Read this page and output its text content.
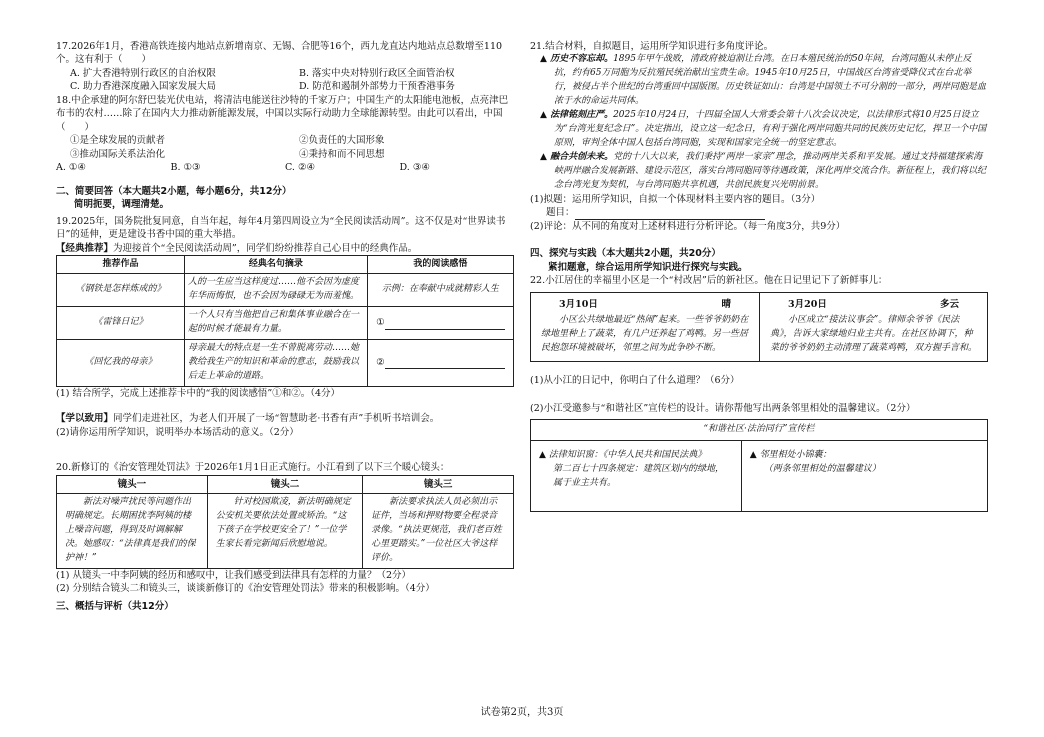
17.2026年1月，香港高铁连接内地站点新增南京、无锡、合肥等16个，西九龙直达内地站点总数增至110个。这有利于（　　）

A. 扩大香港特别行政区的自治权限	B. 落实中央对特别行政区全面管治权
C. 助力香港深度融入国家发展大局	D. 防范和遏制外部势力干预香港事务

18.中企承建的阿尔舒巴装光伏电站，将清洁电能送往沙特的千家万户；中国生产的太阳能电池板，点亮津巴布韦的农村……除了在国内大力推动新能源发展，中国以实际行动助力全球能源转型。由此可以看出，中国（　　）

①是全球发展的贡献者	②负责任的大国形象
③推动国际关系法治化	④秉持和而不同思想
A. ①④	B. ①③	C. ②④	D. ③④

二、简要回答（本大题共2小题，每小题6分，共12分）

简明扼要，调理清楚。

19.2025年，国务院批复同意，自当年起，每年4月第四周设立为“全民阅读活动周”。这不仅是对“世界读书日”的延伸，更是建设书香中国的重大举措。

【经典推荐】为迎接首个“全民阅读活动周”，同学们纷纷推荐自己心目中的经典作品。

推荐作品	经典名句摘录	我的阅读感悟
《钢铁是怎样炼成的》	人的一生应当这样度过……他不会因为虚度年华而悔恨，也不会因为碌碌无为而羞愧。	示例：在奉献中成就精彩人生
《雷锋日记》	一个人只有当他把自己和集体事业融合在一起的时候才能最有力量。	①
《回忆我的母亲》	母亲最大的特点是一生不曾脱离劳动……她教给我生产的知识和革命的意志，鼓励我以后走上革命的道路。	②

(1) 结合所学，完成上述推荐卡中的“我的阅读感悟”①和②。（4分）

【学以致用】同学们走进社区，为老人们开展了一场“智慧助老·书香有声”手机听书培训会。

(2)请你运用所学知识，说明举办本场活动的意义。（2分）

20.新修订的《治安管理处罚法》于2026年1月1日正式施行。小江看到了以下三个暖心镜头：

镜头一	镜头二	镜头三
新法对噪声扰民等问题作出明确规定。长期困扰李阿姨的楼上噪音问题，得到及时调解解决。她感叹：“法律真是我们的保护神！”	针对校园欺凌，新法明确规定公安机关要依法处置或矫治。“这下孩子在学校更安全了！”一位学生家长看完新闻后欣慰地说。	新法要求执法人员必须出示证件，当场和押财物要全程录音录像。“执法更规范，我们老百姓心里更踏实。”一位社区大爷这样评价。

(1) 从镜头一中李阿姨的经历和感叹中，让我们感受到法律具有怎样的力量？（2分）

(2) 分别结合镜头二和镜头三，谈谈新修订的《治安管理处罚法》带来的积极影响。（4分）

三、概括与评析（共12分）

21.结合材料，自拟题目，运用所学知识进行多角度评论。

▲ 历史不容忘却。1895年甲午战败，清政府被迫割让台湾。在日本殖民统治的50年间，台湾同胞从未停止反抗，约有65万同胞为反抗殖民统治献出宝贵生命。1945年10月25日，中国战区台湾省受降仪式在台北举行，被侵占半个世纪的台湾重回中国版图。历史铁证如山：台湾是中国领土不可分割的一部分，两岸同胞是血浓于水的命运共同体。

▲ 法律铭刻庄严。2025年10月24日，十四届全国人大常委会第十八次会议决定，以法律形式将10月25日设立为“台湾光复纪念日”。决定指出，设立这一纪念日，有利于强化两岸同胞共同的民族历史记忆，捍卫一个中国原则，审判全体中国人包括台湾同胞，实现和国家完全统一的坚定意志。

▲ 融合共创未来。党的十八大以来，我们秉持“两岸一家亲”理念，推动两岸关系和平发展。通过支持福建探索海峡两岸融合发展新路、建设示范区，落实台湾同胞同等待遇政策，深化两岸交流合作。新征程上，我们将以纪念台湾光复为契机，与台湾同胞共享机遇，共创民族复兴光明前景。

(1)拟题：运用所学知识，自拟一个体现材料主要内容的题目。（3分）

题目：

(2)评论：从不同的角度对上述材料进行分析评论。（每一角度3分，共9分）

四、探究与实践（本大题共2小题，共20分）

紧扣题意，综合运用所学知识进行探究与实践。

22.小江居住的幸福里小区是一个“村改居”后的新社区。他在日记里记下了新鲜事儿：

3月10日	晴

小区公共绿地最近“热闹”起来。一些爷爷奶奶在绿地里种上了蔬菜，有几户还养起了鸡鸭。另一些居民抱怨环境被破坏，邻里之间为此争吵不断。

3月20日	多云

小区成立“接法议事会”。律师余爷爷《民法典》，告诉大家绿地归业主共有。在社区协调下，种菜的爷爷奶奶主动清理了蔬菜鸡鸭，双方握手言和。

(1)从小江的日记中，你明白了什么道理？（6分）

(2)小江受邀参与“和谐社区”宣传栏的设计。请你帮他写出两条邻里相处的温馨建议。（2分）

“和谐社区·法治同行”宣传栏

▲ 法律知识窗：《中华人民共和国民法典》

第二百七十四条规定：建筑区划内的绿地，属于业主共有。

▲ 邻里相处小锦囊：

（两条邻里相处的温馨建议）

试卷第2页，共3页
